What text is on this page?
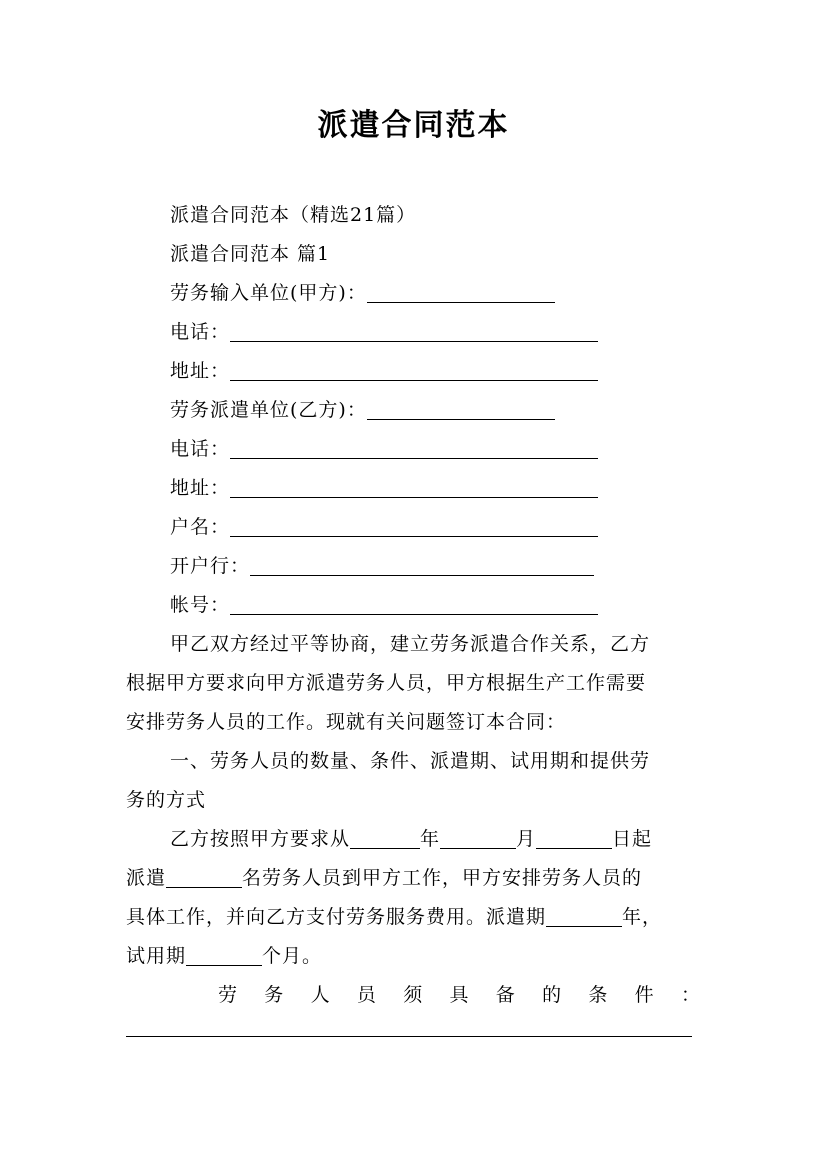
派遣合同范本
派遣合同范本（精选21篇）
派遣合同范本 篇1
劳务输入单位(甲方)：
电话：
地址：
劳务派遣单位(乙方)：
电话：
地址：
户名：
开户行：
帐号：
甲乙双方经过平等协商，建立劳务派遣合作关系，乙方
根据甲方要求向甲方派遣劳务人员，甲方根据生产工作需要
安排劳务人员的工作。现就有关问题签订本合同：
一、劳务人员的数量、条件、派遣期、试用期和提供劳
务的方式
乙方按照甲方要求从	年	月	日起
派遣	名劳务人员到甲方工作，甲方安排劳务人员的
具体工作，并向乙方支付劳务服务费用。派遣期	年，
试用期	个月。
劳 务 人 员 须 具 备 的 条 件 ：
